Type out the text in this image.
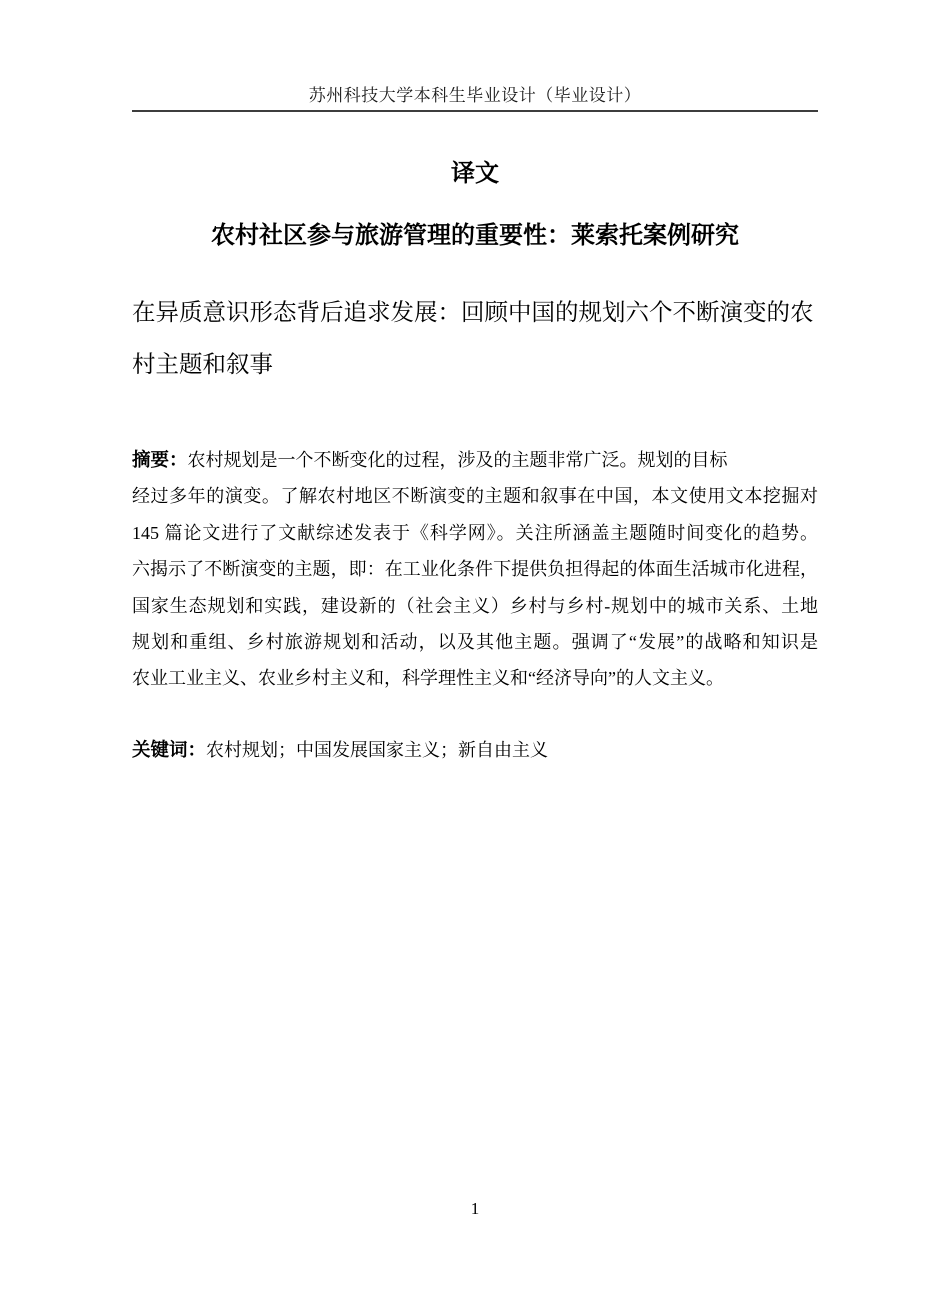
苏州科技大学本科生毕业设计（毕业设计）
译文
农村社区参与旅游管理的重要性：莱索托案例研究
在异质意识形态背后追求发展：回顾中国的规划六个不断演变的农
村主题和叙事
摘要：农村规划是一个不断变化的过程，涉及的主题非常广泛。规划的目标
经过多年的演变。了解农村地区不断演变的主题和叙事在中国，本文使用文本挖掘对
145 篇论文进行了文献综述发表于《科学网》。关注所涵盖主题随时间变化的趋势。
六揭示了不断演变的主题，即：在工业化条件下提供负担得起的体面生活城市化进程，
国家生态规划和实践，建设新的（社会主义）乡村与乡村-规划中的城市关系、土地
规划和重组、乡村旅游规划和活动，以及其他主题。强调了“发展”的战略和知识是
农业工业主义、农业乡村主义和，科学理性主义和“经济导向”的人文主义。
关键词：农村规划；中国发展国家主义；新自由主义
1
